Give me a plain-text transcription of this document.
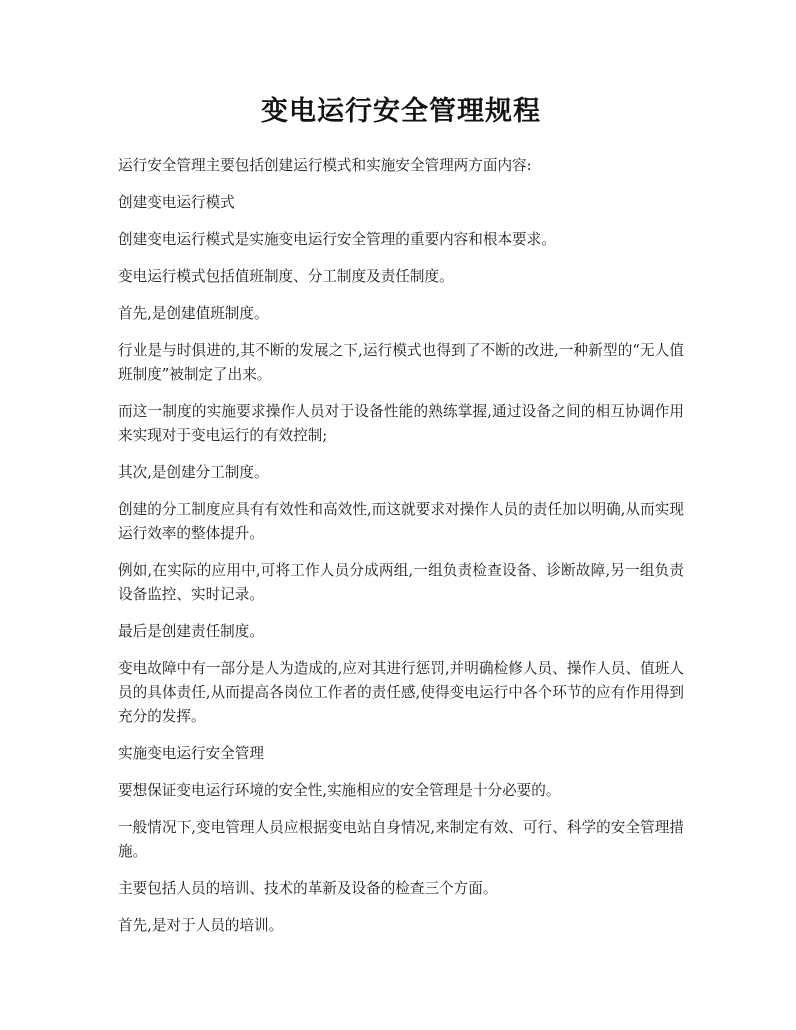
变电运行安全管理规程

运行安全管理主要包括创建运行模式和实施安全管理两方面内容:

创建变电运行模式

创建变电运行模式是实施变电运行安全管理的重要内容和根本要求。

变电运行模式包括值班制度、分工制度及责任制度。

首先,是创建值班制度。

行业是与时俱进的,其不断的发展之下,运行模式也得到了不断的改进,一种新型的“无人值班制度”被制定了出来。

而这一制度的实施要求操作人员对于设备性能的熟练掌握,通过设备之间的相互协调作用来实现对于变电运行的有效控制;

其次,是创建分工制度。

创建的分工制度应具有有效性和高效性,而这就要求对操作人员的责任加以明确,从而实现运行效率的整体提升。

例如,在实际的应用中,可将工作人员分成两组,一组负责检查设备、诊断故障,另一组负责设备监控、实时记录。

最后是创建责任制度。

变电故障中有一部分是人为造成的,应对其进行惩罚,并明确检修人员、操作人员、值班人员的具体责任,从而提高各岗位工作者的责任感,使得变电运行中各个环节的应有作用得到充分的发挥。

实施变电运行安全管理

要想保证变电运行环境的安全性,实施相应的安全管理是十分必要的。

一般情况下,变电管理人员应根据变电站自身情况,来制定有效、可行、科学的安全管理措施。

主要包括人员的培训、技术的革新及设备的检查三个方面。

首先,是对于人员的培训。
